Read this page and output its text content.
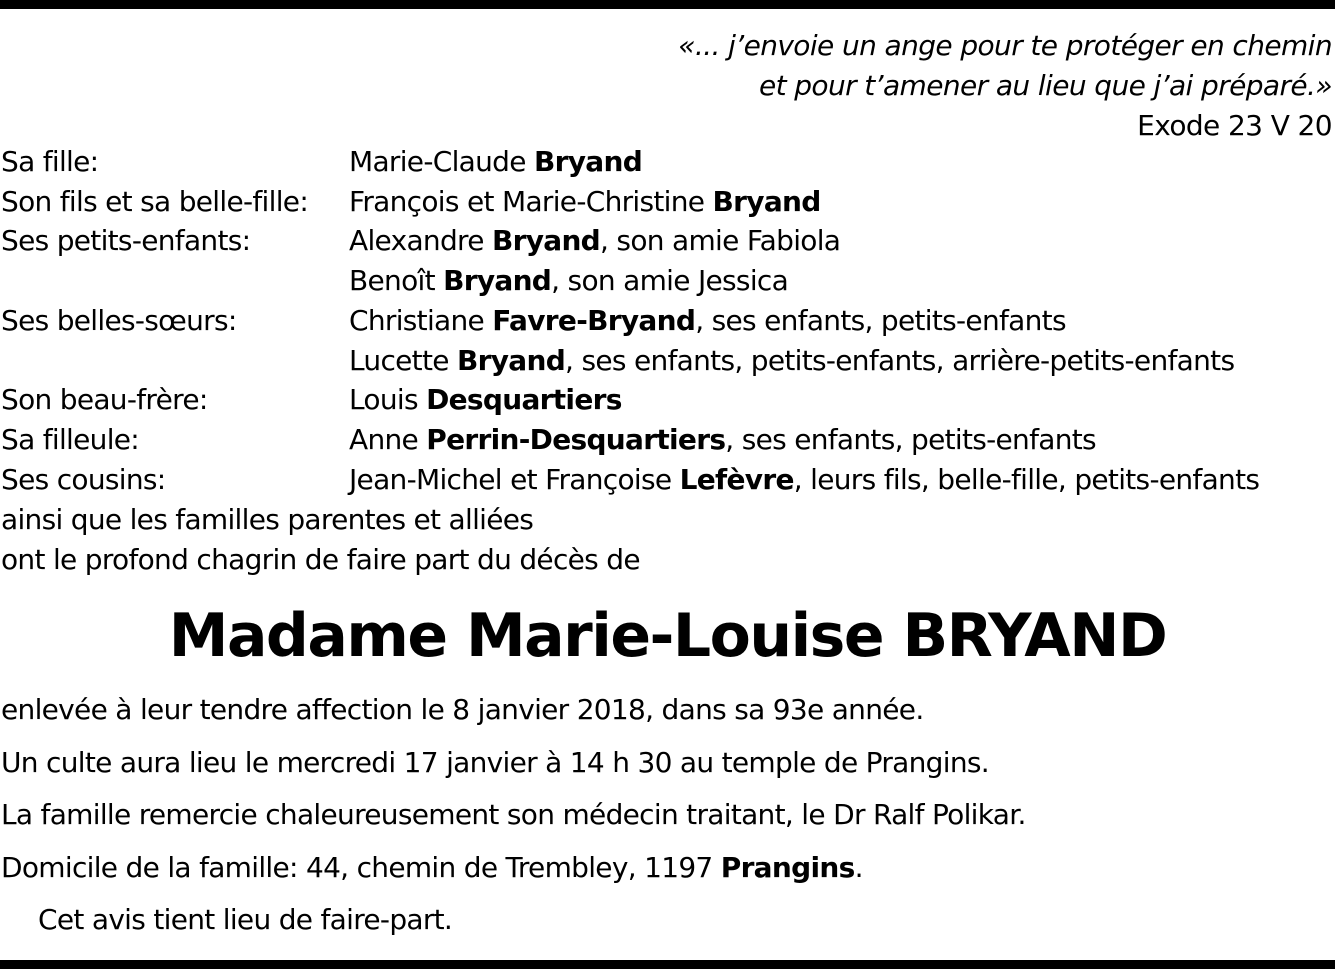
«... j’envoie un ange pour te protéger en chemin
et pour t’amener au lieu que j’ai préparé.»
Exode 23 V 20
Sa fille:	Marie-Claude Bryand
Son fils et sa belle-fille:	François et Marie-Christine Bryand
Ses petits-enfants:	Alexandre Bryand, son amie Fabiola
	Benoît Bryand, son amie Jessica
Ses belles-sœurs:	Christiane Favre-Bryand, ses enfants, petits-enfants
	Lucette Bryand, ses enfants, petits-enfants, arrière-petits-enfants
Son beau-frère:	Louis Desquartiers
Sa filleule:	Anne Perrin-Desquartiers, ses enfants, petits-enfants
Ses cousins:	Jean-Michel et Françoise Lefèvre, leurs fils, belle-fille, petits-enfants
ainsi que les familles parentes et alliées
ont le profond chagrin de faire part du décès de
Madame Marie-Louise BRYAND
enlevée à leur tendre affection le 8 janvier 2018, dans sa 93e année.
Un culte aura lieu le mercredi 17 janvier à 14 h 30 au temple de Prangins.
La famille remercie chaleureusement son médecin traitant, le Dr Ralf Polikar.
Domicile de la famille: 44, chemin de Trembley, 1197 Prangins.
Cet avis tient lieu de faire-part.
